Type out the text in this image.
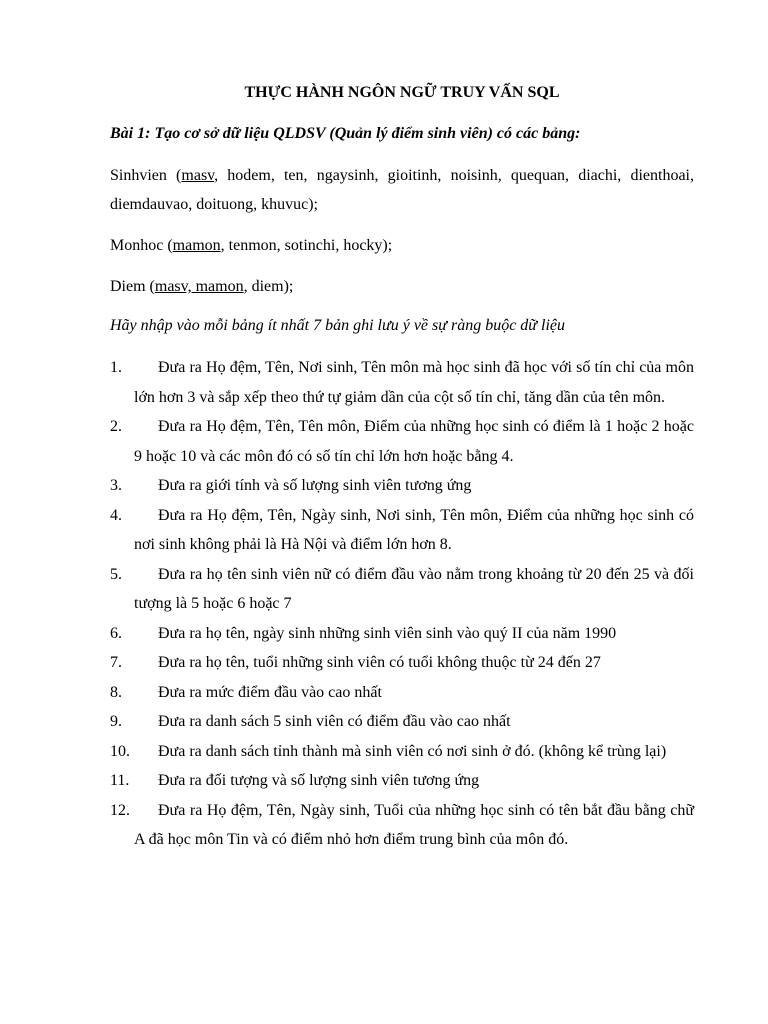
THỰC HÀNH NGÔN NGỮ TRUY VẤN SQL
Bài 1: Tạo cơ sở dữ liệu QLDSV (Quản lý điểm sinh viên) có các bảng:
Sinhvien (masv, hodem, ten, ngaysinh, gioitinh, noisinh, quequan, diachi, dienthoai, diemdauvao, doituong, khuvuc);
Monhoc (mamon, tenmon, sotinchi, hocky);
Diem (masv, mamon, diem);
Hãy nhập vào mỗi bảng ít nhất 7 bản ghi lưu ý về sự ràng buộc dữ liệu
1.	Đưa ra Họ đệm, Tên, Nơi sinh, Tên môn mà học sinh đã học với số tín chỉ của môn lớn hơn 3 và sắp xếp theo thứ tự giảm dần của cột số tín chỉ, tăng dần của tên môn.
2.	Đưa ra Họ đệm, Tên, Tên môn, Điểm của những học sinh có điểm là 1 hoặc 2 hoặc 9 hoặc 10 và các môn đó có số tín chỉ lớn hơn hoặc bằng 4.
3.	Đưa ra giới tính và số lượng sinh viên tương ứng
4.	Đưa ra Họ đệm, Tên, Ngày sinh, Nơi sinh, Tên môn, Điểm của những học sinh có nơi sinh không phải là Hà Nội và điểm lớn hơn 8.
5.	Đưa ra họ tên sinh viên nữ có điểm đầu vào nằm trong khoảng từ 20 đến 25 và đối tượng là 5 hoặc 6 hoặc 7
6.	Đưa ra họ tên, ngày sinh những sinh viên sinh vào quý II của năm 1990
7.	Đưa ra họ tên, tuổi những sinh viên có tuổi không thuộc từ 24 đến 27
8.	Đưa ra mức điểm đầu vào cao nhất
9.	Đưa ra danh sách 5 sinh viên có điểm đầu vào cao nhất
10.	Đưa ra danh sách tỉnh thành mà sinh viên có nơi sinh ở đó. (không kể trùng lại)
11.	Đưa ra đối tượng và số lượng sinh viên tương ứng
12.	Đưa ra Họ đệm, Tên, Ngày sinh, Tuổi của những học sinh có tên bắt đầu bằng chữ A đã học môn Tin và có điểm nhỏ hơn điểm trung bình của môn đó.
